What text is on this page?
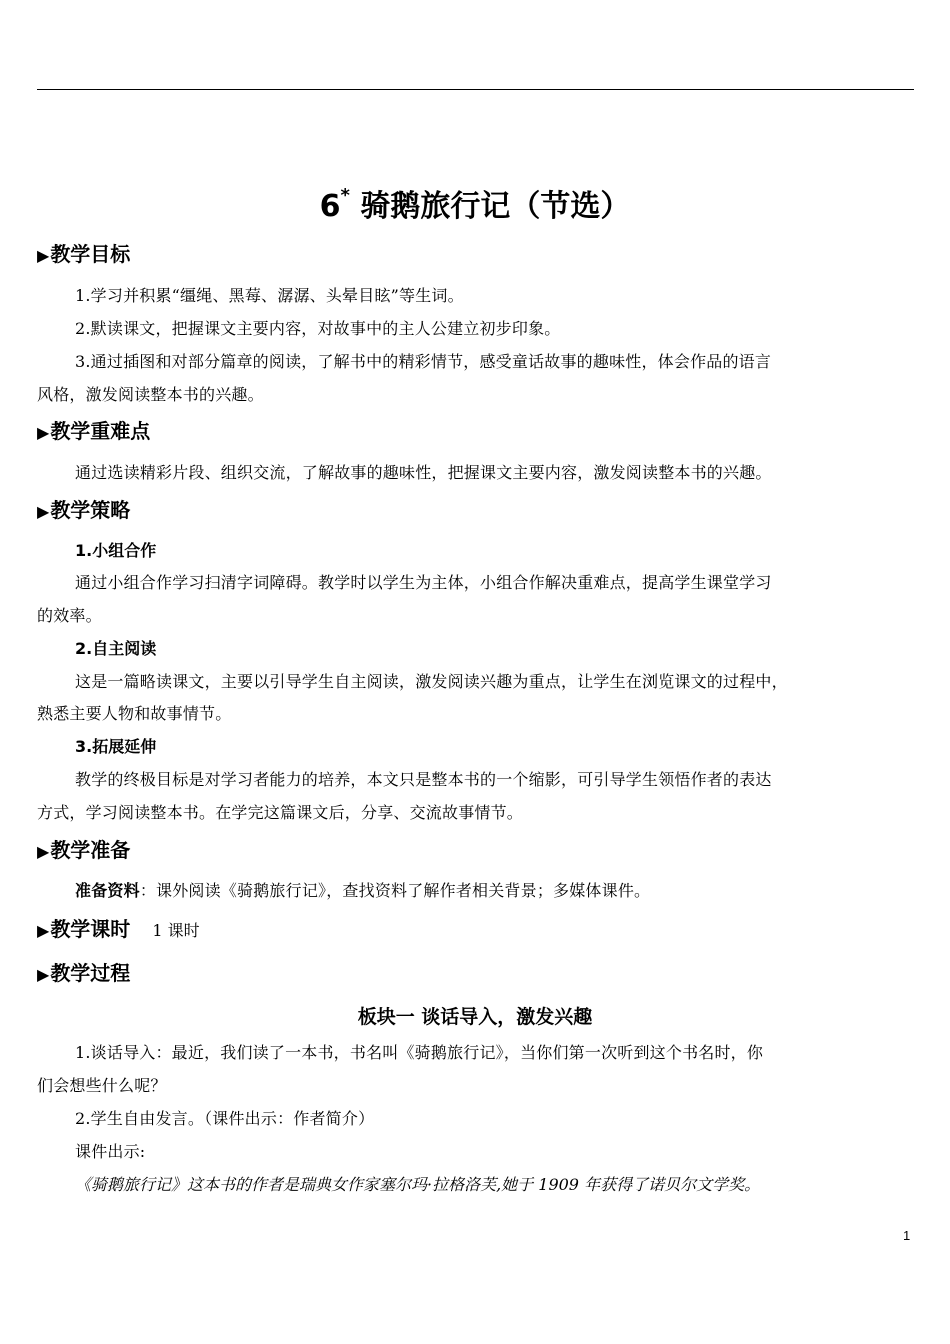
6* 骑鹅旅行记（节选）
▶教学目标
1.学习并积累“缰绳、黑莓、潺潺、头晕目眩”等生词。
2.默读课文，把握课文主要内容，对故事中的主人公建立初步印象。
3.通过插图和对部分篇章的阅读，了解书中的精彩情节，感受童话故事的趣味性，体会作品的语言
风格，激发阅读整本书的兴趣。
▶教学重难点
通过选读精彩片段、组织交流，了解故事的趣味性，把握课文主要内容，激发阅读整本书的兴趣。
▶教学策略
1.小组合作
通过小组合作学习扫清字词障碍。教学时以学生为主体，小组合作解决重难点，提高学生课堂学习
的效率。
2.自主阅读
这是一篇略读课文，主要以引导学生自主阅读，激发阅读兴趣为重点，让学生在浏览课文的过程中，
熟悉主要人物和故事情节。
3.拓展延伸
教学的终极目标是对学习者能力的培养，本文只是整本书的一个缩影，可引导学生领悟作者的表达
方式，学习阅读整本书。在学完这篇课文后，分享、交流故事情节。
▶教学准备
准备资料：课外阅读《骑鹅旅行记》，查找资料了解作者相关背景；多媒体课件。
▶教学课时 1 课时
▶教学过程
板块一 谈话导入，激发兴趣
1.谈话导入：最近，我们读了一本书，书名叫《骑鹅旅行记》，当你们第一次听到这个书名时，你
们会想些什么呢？
2.学生自由发言。（课件出示：作者简介）
课件出示:
《骑鹅旅行记》这本书的作者是瑞典女作家塞尔玛·拉格洛芙,她于 1909 年获得了诺贝尔文学奖。
1
